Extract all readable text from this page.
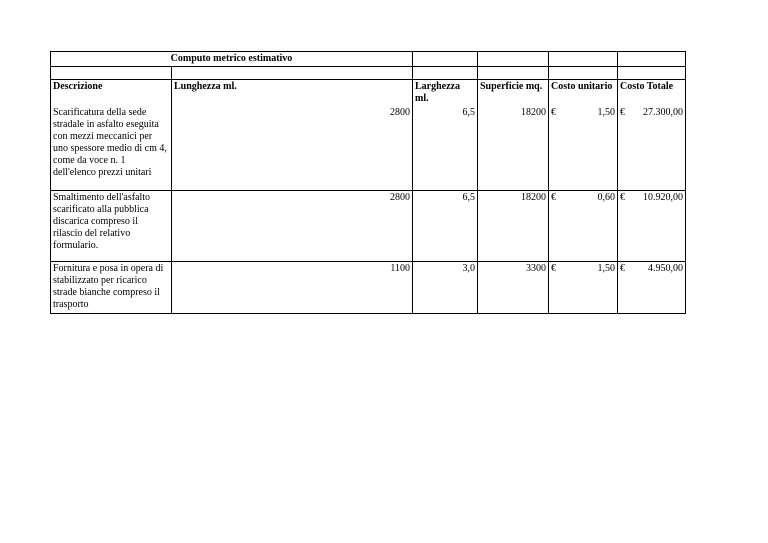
Computo metrico estimativo					

Descrizione	Lunghezza ml.	Larghezza ml.	Superficie mq.	Costo unitario	Costo Totale
Scarificatura della sede stradale in asfalto eseguita con mezzi meccanici per uno spessore medio di cm 4, come da voce n. 1 dell'elenco prezzi unitari	2800	6,5	18200	€ 1,50	€ 27.300,00

Smaltimento dell'asfalto scarificato alla pubblica discarica compreso il rilascio del relativo formulario.	2800	6,5	18200	€ 0,60	€ 10.920,00

Fornitura e posa in opera di stabilizzato per ricarico strade bianche compreso il trasporto	1100	3,0	3300	€ 1,50	€ 4.950,00
